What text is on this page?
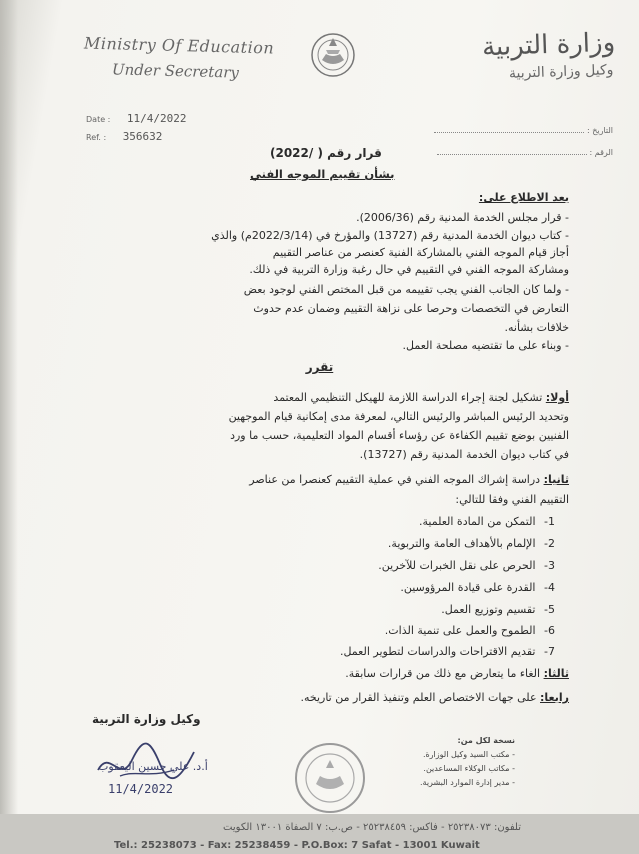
Ministry Of Education
Under Secretary
وزارة التربية
وكيل وزارة التربية
Date : 11/4/2022
Ref. : 356632	التاريخ :
الرقم :
قرار رقم ( /2022)
بشأن تقييم الموجه الفني
بعد الاطلاع على:
- قرار مجلس الخدمة المدنية رقم (2006/36).
- كتاب ديوان الخدمة المدنية رقم (13727) والمؤرخ في (2022/3/14م) والذي
أجاز قيام الموجه الفني بالمشاركة الفنية كعنصر من عناصر التقييم
ومشاركة الموجه الفني في التقييم في حال رغبة وزارة التربية في ذلك.
- ولما كان الجانب الفني يجب تقييمه من قبل المختص الفني لوجود بعض
التعارض في التخصصات وحرصا على نزاهة التقييم وضمان عدم حدوث
خلافات بشأنه.
- وبناء على ما تقتضيه مصلحة العمل.
تقرر
أولا: تشكيل لجنة إجراء الدراسة اللازمة للهيكل التنظيمي المعتمد
وتحديد الرئيس المباشر والرئيس التالي، لمعرفة مدى إمكانية قيام الموجهين
الفنيين بوضع تقييم الكفاءة عن رؤساء أقسام المواد التعليمية، حسب ما ورد
في كتاب ديوان الخدمة المدنية رقم (13727).
ثانيا: دراسة إشراك الموجه الفني في عملية التقييم كعنصرا من عناصر
التقييم الفني وفقا للتالي:
1- التمكن من المادة العلمية.
2- الإلمام بالأهداف العامة والتربوية.
3- الحرص على نقل الخبرات للآخرين.
4- القدرة على قيادة المرؤوسين.
5- تقسيم وتوزيع العمل.
6- الطموح والعمل على تنمية الذات.
7- تقديم الاقتراحات والدراسات لتطوير العمل.
ثالثا: الغاء ما يتعارض مع ذلك من قرارات سابقة.
رابعا: على جهات الاختصاص العلم وتنفيذ القرار من تاريخه.
وكيل وزارة التربية
أ.د. علي حسين اليعقوب
11/4/2022
نسخة لكل من:
- مكتب السيد وكيل الوزارة.
- مكاتب الوكلاء المساعدين.
- مدير إدارة الموارد البشرية.
تلفون: ٢٥٢٣٨٠٧٣ - فاكس: ٢٥٢٣٨٤٥٩ - ص.ب: ٧ الصفاة ١٣٠٠١ الكويت
Tel.: 25238073 - Fax: 25238459 - P.O.Box: 7 Safat - 13001 Kuwait
